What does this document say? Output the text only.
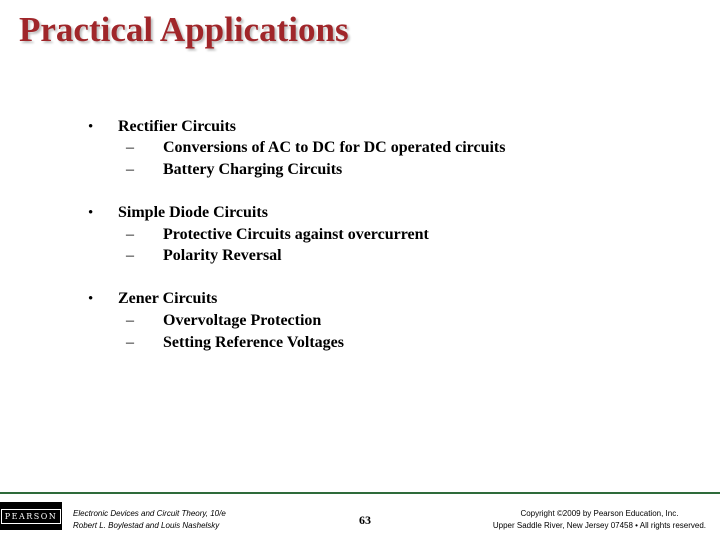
Practical Applications
• Rectifier Circuits
– Conversions of AC to DC for DC operated circuits
– Battery Charging Circuits
• Simple Diode Circuits
– Protective Circuits against overcurrent
– Polarity Reversal
• Zener Circuits
– Overvoltage Protection
– Setting Reference Voltages
PEARSON	Electronic Devices and Circuit Theory, 10/e
Robert L. Boylestad and Louis Nashelsky	63	Copyright ©2009 by Pearson Education, Inc.
Upper Saddle River, New Jersey 07458 • All rights reserved.
